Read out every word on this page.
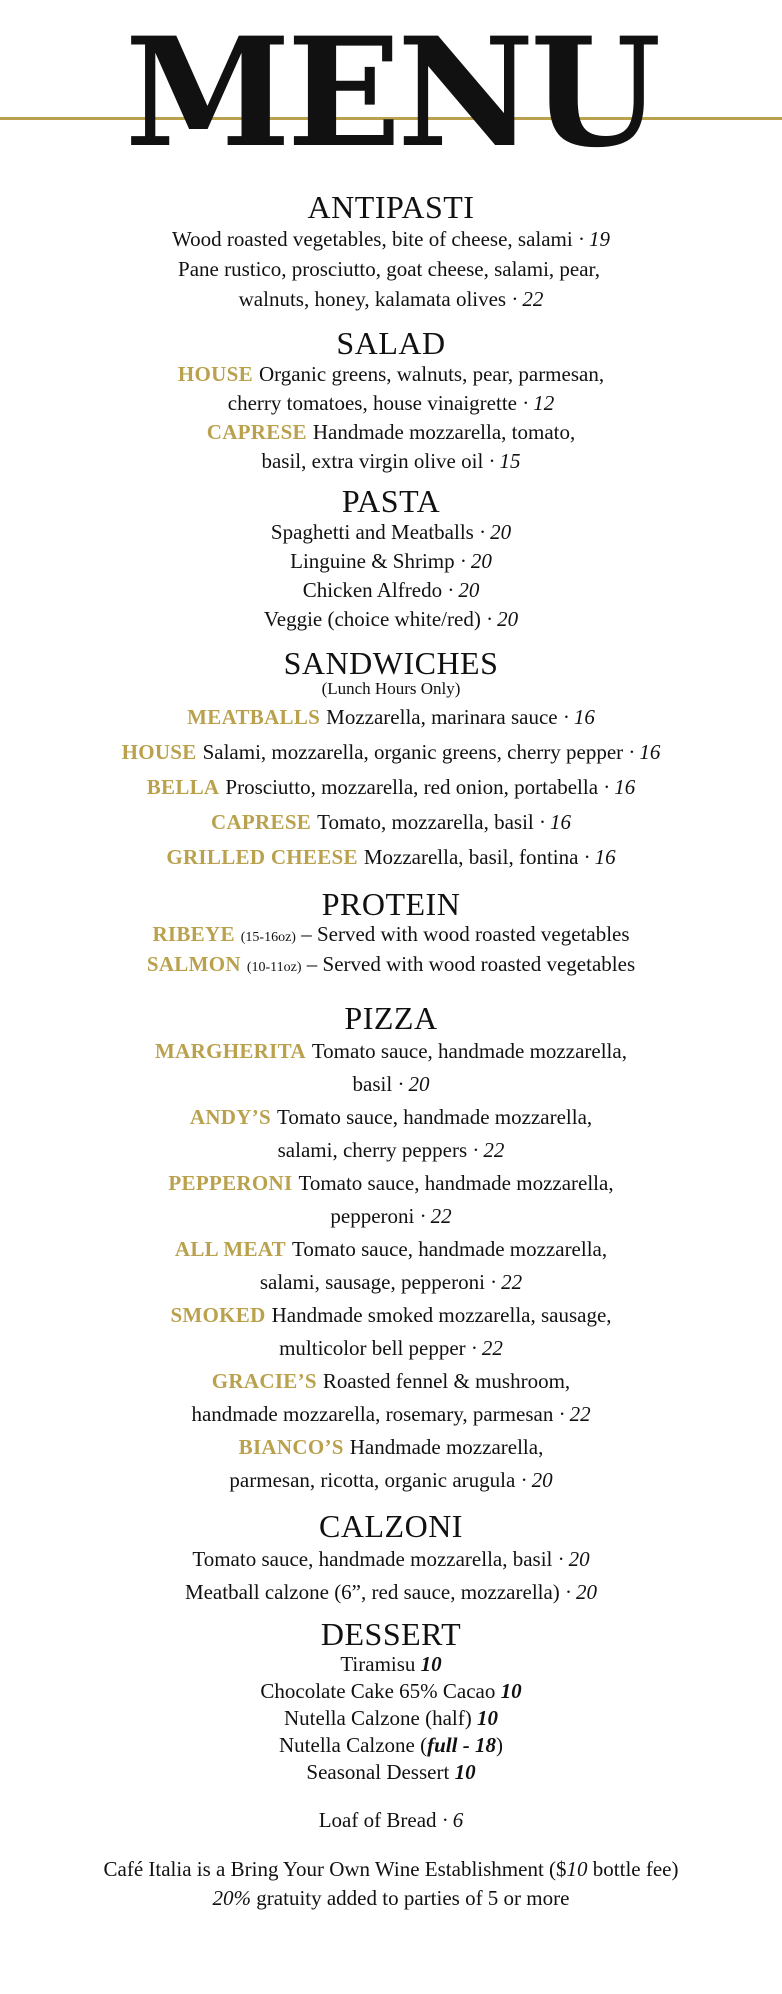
MENU
ANTIPASTI

Wood roasted vegetables, bite of cheese, salami · 19

Pane rustico, prosciutto, goat cheese, salami, pear,

walnuts, honey, kalamata olives · 22

SALAD

HOUSE Organic greens, walnuts, pear, parmesan,

cherry tomatoes, house vinaigrette · 12

CAPRESE Handmade mozzarella, tomato,

basil, extra virgin olive oil · 15

PASTA

Spaghetti and Meatballs · 20

Linguine & Shrimp · 20

Chicken Alfredo · 20

Veggie (choice white/red) · 20

SANDWICHES

(Lunch Hours Only)

MEATBALLS Mozzarella, marinara sauce · 16

HOUSE Salami, mozzarella, organic greens, cherry pepper · 16

BELLA Prosciutto, mozzarella, red onion, portabella · 16

CAPRESE Tomato, mozzarella, basil · 16

GRILLED CHEESE Mozzarella, basil, fontina · 16

PROTEIN

RIBEYE (15-16oz) – Served with wood roasted vegetables

SALMON (10-11oz) – Served with wood roasted vegetables

PIZZA

MARGHERITA Tomato sauce, handmade mozzarella,

basil · 20

ANDY’S Tomato sauce, handmade mozzarella,

salami, cherry peppers · 22

PEPPERONI Tomato sauce, handmade mozzarella,

pepperoni · 22

ALL MEAT Tomato sauce, handmade mozzarella,

salami, sausage, pepperoni · 22

SMOKED Handmade smoked mozzarella, sausage,

multicolor bell pepper · 22

GRACIE’S Roasted fennel & mushroom,

handmade mozzarella, rosemary, parmesan · 22

BIANCO’S Handmade mozzarella,

parmesan, ricotta, organic arugula · 20

CALZONI

Tomato sauce, handmade mozzarella, basil · 20

Meatball calzone (6”, red sauce, mozzarella) · 20

DESSERT

Tiramisu 10

Chocolate Cake 65% Cacao 10

Nutella Calzone (half) 10

Nutella Calzone (full - 18)

Seasonal Dessert 10

Loaf of Bread · 6

Café Italia is a Bring Your Own Wine Establishment ($10 bottle fee)

20% gratuity added to parties of 5 or more
